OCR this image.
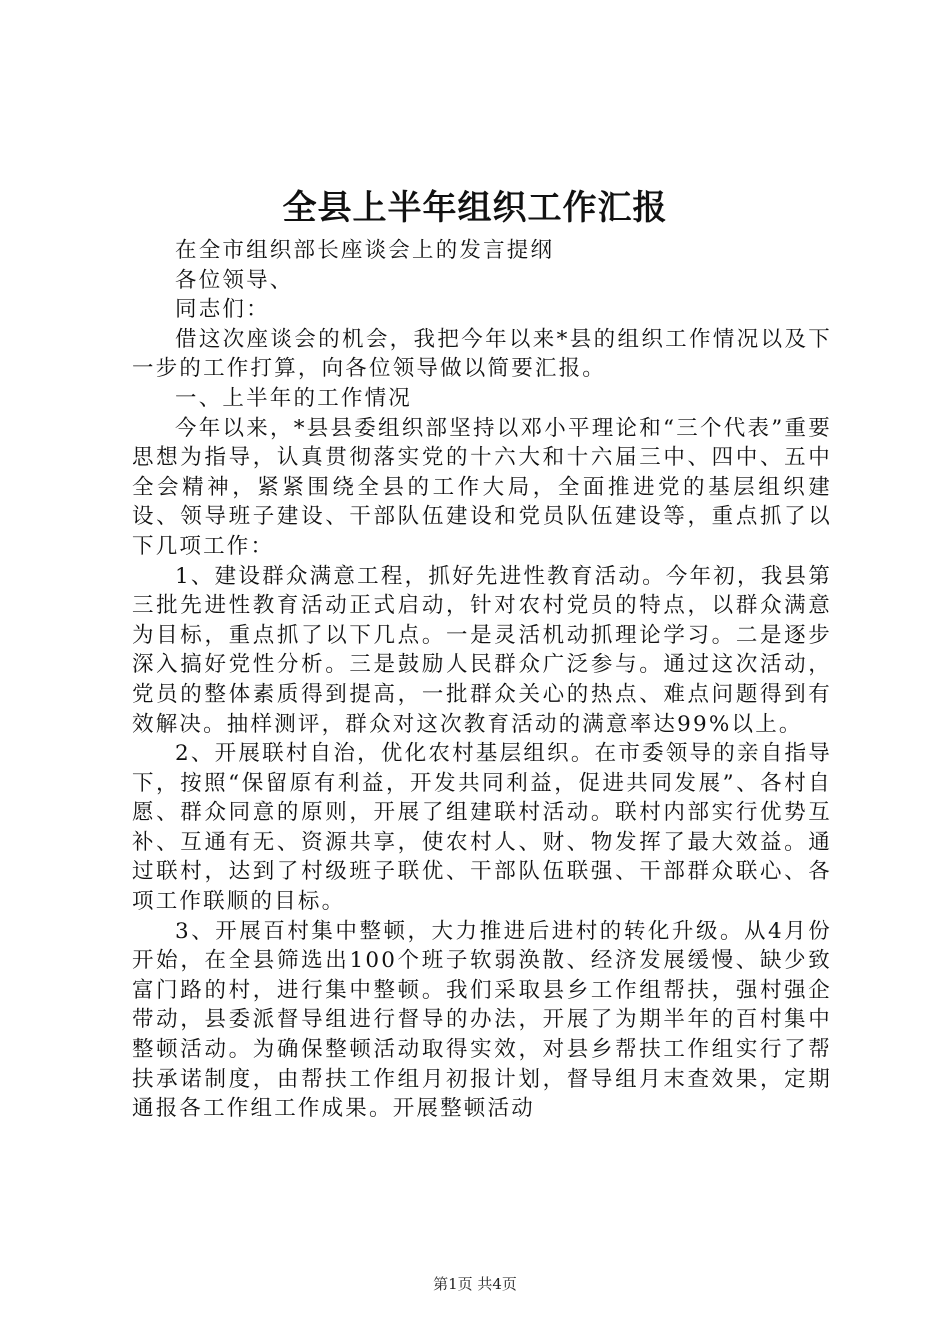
全县上半年组织工作汇报

在全市组织部长座谈会上的发言提纲

各位领导、

同志们：

借这次座谈会的机会，我把今年以来*县的组织工作情况以及下一步的工作打算，向各位领导做以简要汇报。

一、上半年的工作情况

今年以来，*县县委组织部坚持以邓小平理论和“三个代表”重要思想为指导，认真贯彻落实党的十六大和十六届三中、四中、五中全会精神，紧紧围绕全县的工作大局，全面推进党的基层组织建设、领导班子建设、干部队伍建设和党员队伍建设等，重点抓了以下几项工作：

1、建设群众满意工程，抓好先进性教育活动。今年初，我县第三批先进性教育活动正式启动，针对农村党员的特点，以群众满意为目标，重点抓了以下几点。一是灵活机动抓理论学习。二是逐步深入搞好党性分析。三是鼓励人民群众广泛参与。通过这次活动，党员的整体素质得到提高，一批群众关心的热点、难点问题得到有效解决。抽样测评，群众对这次教育活动的满意率达99%以上。

2、开展联村自治，优化农村基层组织。在市委领导的亲自指导下，按照“保留原有利益，开发共同利益，促进共同发展”、各村自愿、群众同意的原则，开展了组建联村活动。联村内部实行优势互补、互通有无、资源共享，使农村人、财、物发挥了最大效益。通过联村，达到了村级班子联优、干部队伍联强、干部群众联心、各项工作联顺的目标。

3、开展百村集中整顿，大力推进后进村的转化升级。从4月份开始，在全县筛选出100个班子软弱涣散、经济发展缓慢、缺少致富门路的村，进行集中整顿。我们采取县乡工作组帮扶，强村强企带动，县委派督导组进行督导的办法，开展了为期半年的百村集中整顿活动。为确保整顿活动取得实效，对县乡帮扶工作组实行了帮扶承诺制度，由帮扶工作组月初报计划，督导组月末查效果，定期通报各工作组工作成果。开展整顿活动

第1页 共4页
